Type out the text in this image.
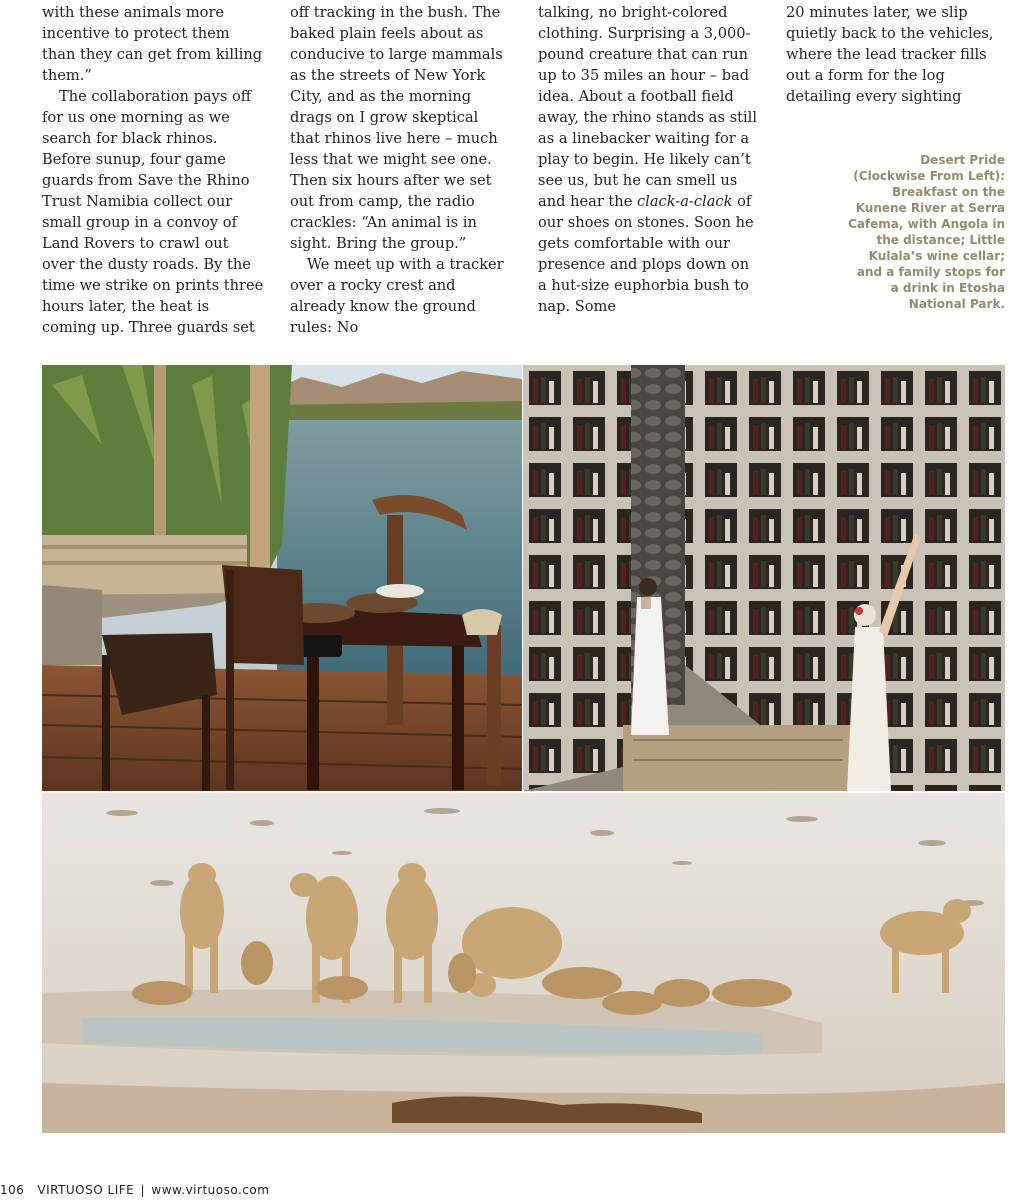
with these animals more incentive to protect them than they can get from killing them.”

The collaboration pays off for us one morning as we search for black rhinos. Before sunup, four game guards from Save the Rhino Trust Namibia collect our small group in a convoy of Land Rovers to crawl out over the dusty roads. By the time we strike on prints three hours later, the heat is coming up. Three guards set

off tracking in the bush. The baked plain feels about as conducive to large mammals as the streets of New York City, and as the morning drags on I grow skeptical that rhinos live here – much less that we might see one. Then six hours after we set out from camp, the radio crackles: “An animal is in sight. Bring the group.”

We meet up with a tracker over a rocky crest and already know the ground rules: No

talking, no bright-colored clothing. Surprising a 3,000-pound creature that can run up to 35 miles an hour – bad idea. About a football field away, the rhino stands as still as a linebacker waiting for a play to begin. He likely can’t see us, but he can smell us and hear the clack-a-clack of our shoes on stones. Soon he gets comfortable with our presence and plops down on a hut-size euphorbia bush to nap. Some

20 minutes later, we slip quietly back to the vehicles, where the lead tracker fills out a form for the log detailing every sighting

Desert Pride (Clockwise From Left): Breakfast on the Kunene River at Serra Cafema, with Angola in the distance; Little Kulala’s wine cellar; and a family stops for a drink in Etosha National Park.
106 VIRTUOSO LIFE | www.virtuoso.com
